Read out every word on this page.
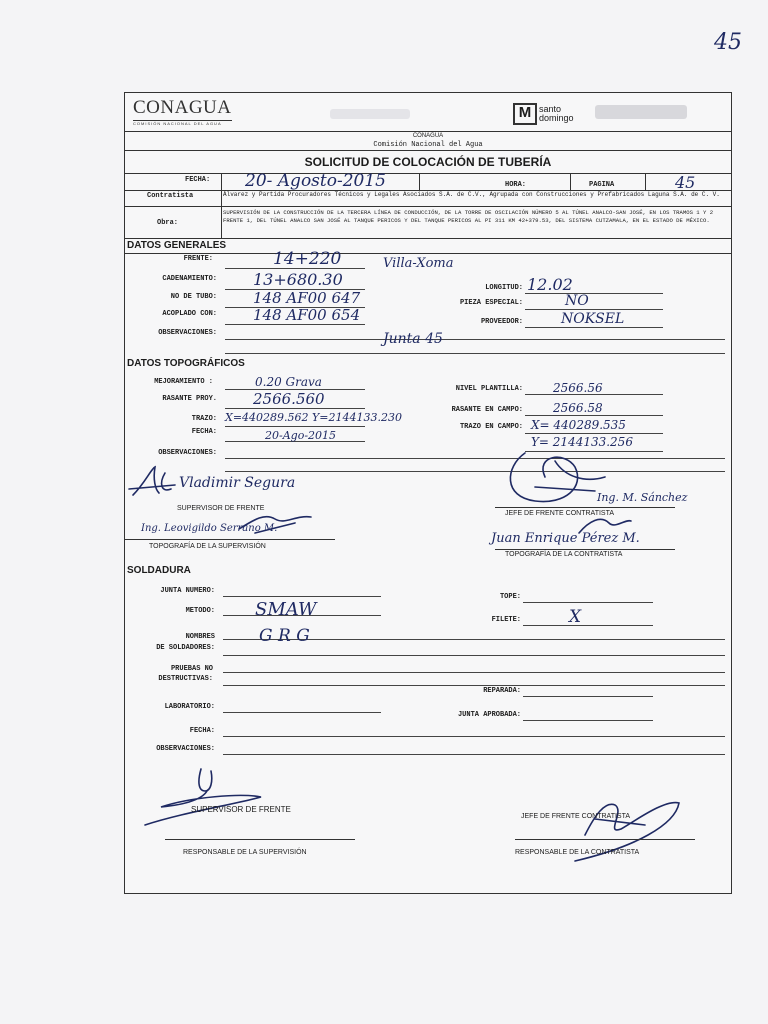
45
CONAGUA
COMISIÓN NACIONAL DEL AGUA
M santo
domingo
CONAGUA
Comisión Nacional del Agua
SOLICITUD DE COLOCACIÓN DE TUBERÍA
FECHA: 20- Agosto-2015	HORA:	PAGINA	45
Contratista	Álvarez y Partida Procuradores Técnicos y Legales Asociados S.A. de C.V., Agrupada con Construcciones y Prefabricados Laguna S.A. de C. V.
Obra:
SUPERVISIÓN DE LA CONSTRUCCIÓN DE LA TERCERA LÍNEA DE CONDUCCIÓN, DE LA TORRE DE OSCILACIÓN NÚMERO 5 AL TÚNEL ANALCO-SAN JOSÉ, EN LOS TRAMOS 1 Y 2 FRENTE 1, DEL TÚNEL ANALCO SAN JOSÉ AL TANQUE PERICOS Y DEL TANQUE PERICOS AL PI 311 KM 42+379.53, DEL SISTEMA CUTZAMALA, EN EL ESTADO DE MÉXICO.
DATOS GENERALES
FRENTE:	14+220	Villa-Xoma
CADENAMIENTO: 13+680.30
NO DE TUBO: 148 AF00 647
ACOPLADO CON: 148 AF00 654
LONGITUD: 12.02
PIEZA ESPECIAL:	NO
PROVEEDOR:	NOKSEL
OBSERVACIONES:	Junta 45
DATOS TOPOGRÁFICOS
MEJORAMIENTO :	0.20 Grava
RASANTE PROY. 2566.560
TRAZO: X=440289.562 Y=2144133.230
FECHA:	20-Ago-2015
NIVEL PLANTILLA:	2566.56
RASANTE EN CAMPO:	2566.58
TRAZO EN CAMPO: X= 440289.535
Y= 2144133.256
OBSERVACIONES:
Vladimir Segura
SUPERVISOR DE FRENTE
Ing. Leovigildo Serrano M.
TOPOGRAFÍA DE LA SUPERVISIÓN
Ing. M. Sánchez
JEFE DE FRENTE CONTRATISTA
Juan Enrique Pérez M.
TOPOGRAFÍA DE LA CONTRATISTA
SOLDADURA
JUNTA NUMERO:
TOPE:
METODO: SMAW	FILETE:	X
NOMBRES
DE SOLDADORES:
G R G
PRUEBAS NO
DESTRUCTIVAS:
LABORATORIO:
REPARADA:
JUNTA APROBADA:
FECHA:
OBSERVACIONES:
SUPERVISOR DE FRENTE
RESPONSABLE DE LA SUPERVISIÓN
JEFE DE FRENTE CONTRATISTA
RESPONSABLE DE LA CONTRATISTA
